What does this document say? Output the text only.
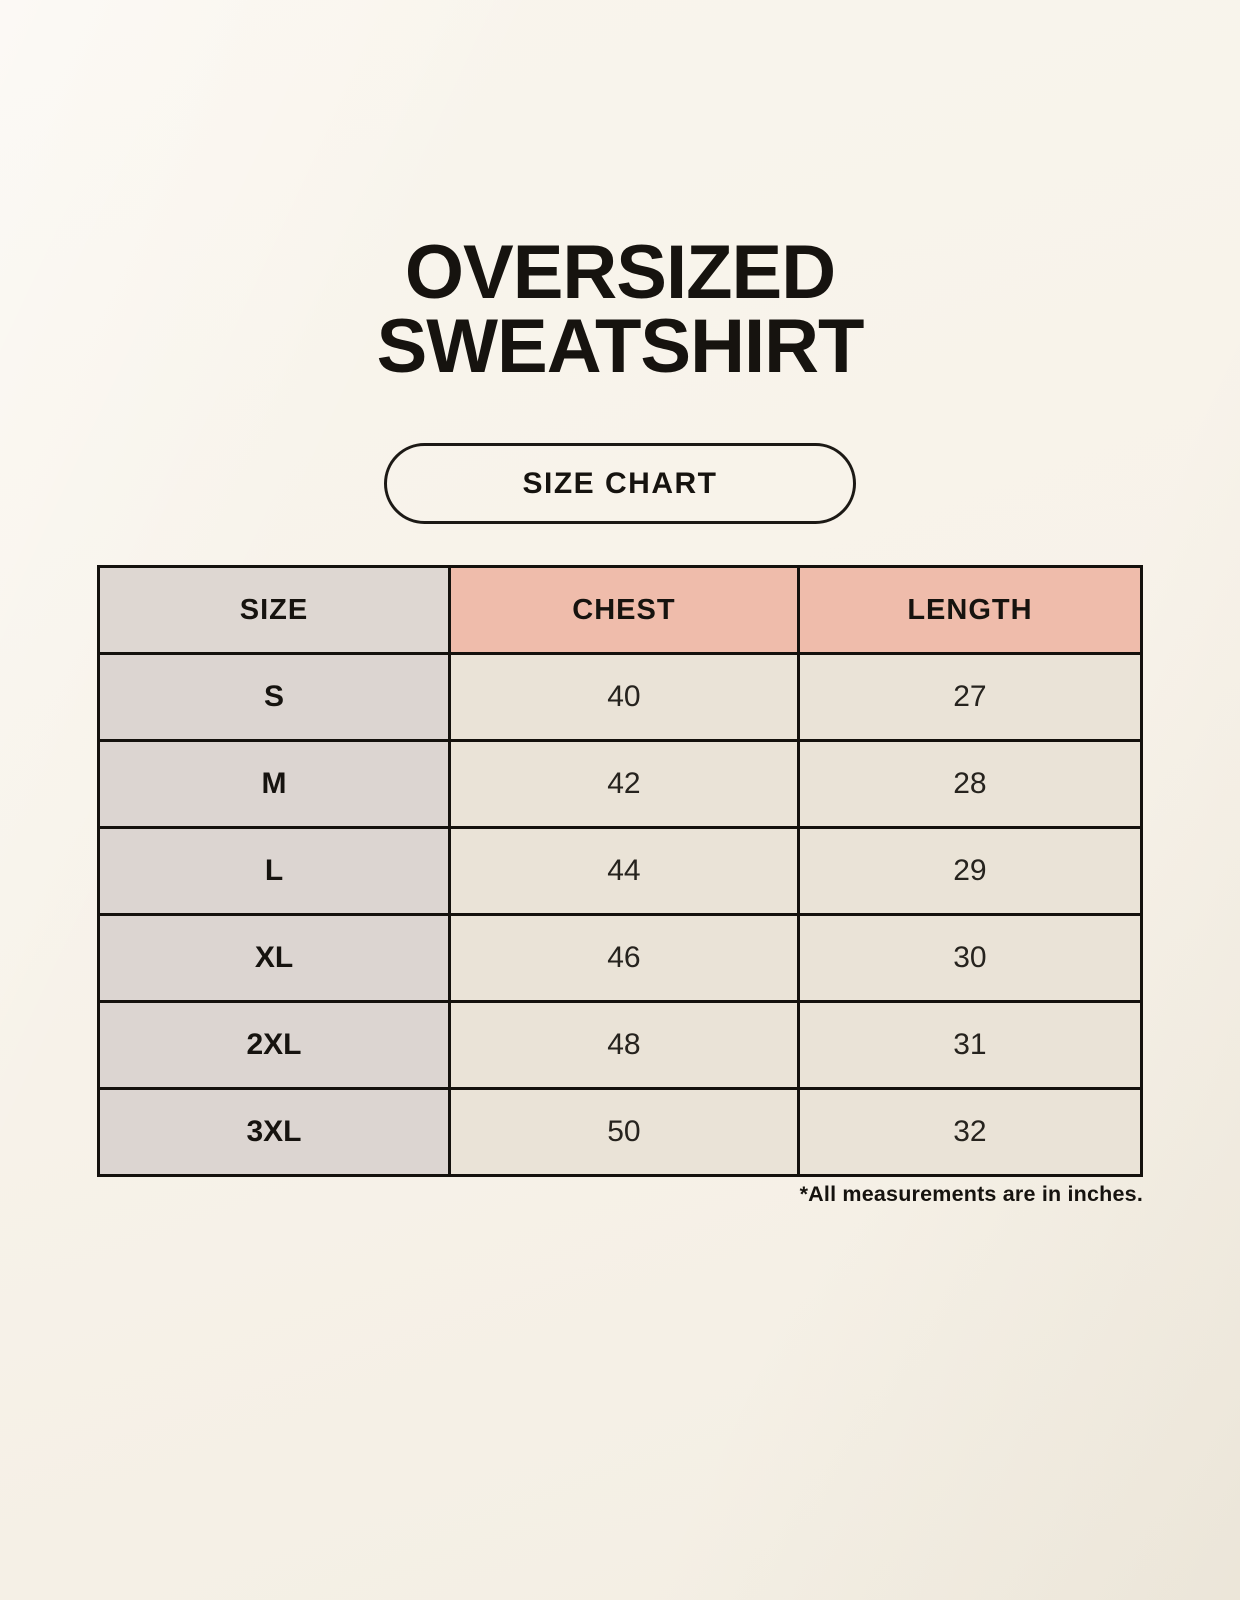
OVERSIZED
SWEATSHIRT
SIZE CHART
SIZE	CHEST	LENGTH
S	40	27
M	42	28
L	44	29
XL	46	30
2XL	48	31
3XL	50	32
*All measurements are in inches.
